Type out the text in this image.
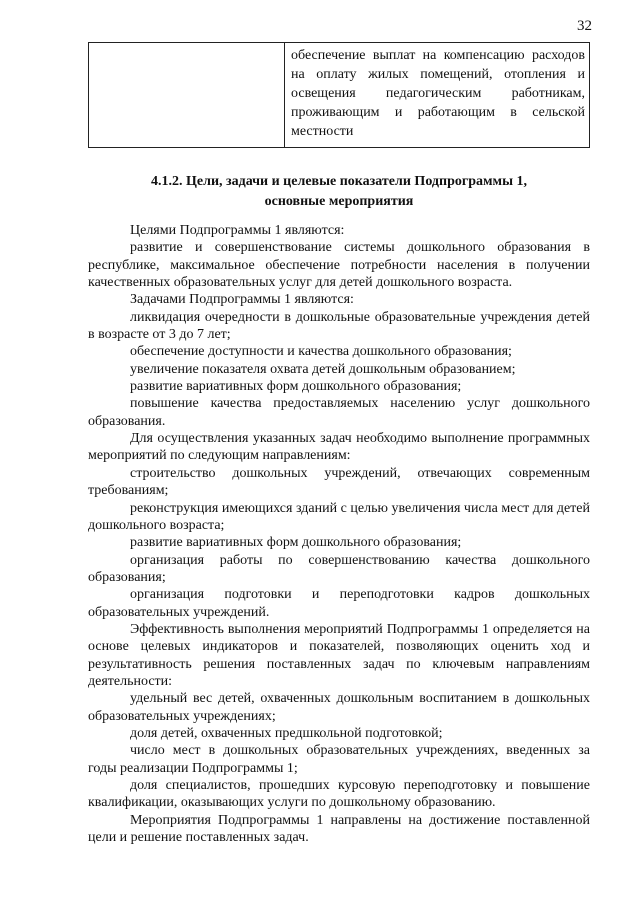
32
	обеспечение выплат на компенсацию расходов на оплату жилых помещений, отопления и освещения педагогическим работникам, проживающим и работающим в сельской местности
4.1.2. Цели, задачи и целевые показатели Подпрограммы 1,
основные мероприятия

Целями Подпрограммы 1 являются:

развитие и совершенствование системы дошкольного образования в республике, максимальное обеспечение потребности населения в получении качественных образовательных услуг для детей дошкольного возраста.

Задачами Подпрограммы 1 являются:

ликвидация очередности в дошкольные образовательные учреждения детей в возрасте от 3 до 7 лет;

обеспечение доступности и качества дошкольного образования;

увеличение показателя охвата детей дошкольным образованием;

развитие вариативных форм дошкольного образования;

повышение качества предоставляемых населению услуг дошкольного образования.

Для осуществления указанных задач необходимо выполнение программных мероприятий по следующим направлениям:

строительство дошкольных учреждений, отвечающих современным требованиям;

реконструкция имеющихся зданий с целью увеличения числа мест для детей дошкольного возраста;

развитие вариативных форм дошкольного образования;

организация работы по совершенствованию качества дошкольного образования;

организация подготовки и переподготовки кадров дошкольных образовательных учреждений.

Эффективность выполнения мероприятий Подпрограммы 1 определяется на основе целевых индикаторов и показателей, позволяющих оценить ход и результативность решения поставленных задач по ключевым направлениям деятельности:

удельный вес детей, охваченных дошкольным воспитанием в дошкольных образовательных учреждениях;

доля детей, охваченных предшкольной подготовкой;

число мест в дошкольных образовательных учреждениях, введенных за годы реализации Подпрограммы 1;

доля специалистов, прошедших курсовую переподготовку и повышение квалификации, оказывающих услуги по дошкольному образованию.

Мероприятия Подпрограммы 1 направлены на достижение поставленной цели и решение поставленных задач.
